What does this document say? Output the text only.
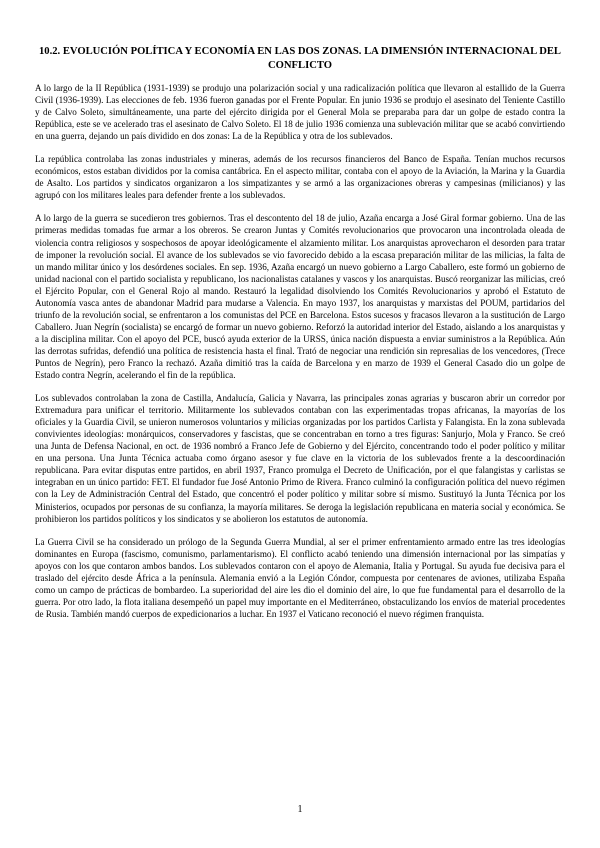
10.2. EVOLUCIÓN POLÍTICA Y ECONOMÍA EN LAS DOS ZONAS. LA DIMENSIÓN INTERNACIONAL DEL CONFLICTO

A lo largo de la II República (1931-1939) se produjo una polarización social y una radicalización política que llevaron al estallido de la Guerra Civil (1936-1939). Las elecciones de feb. 1936 fueron ganadas por el Frente Popular. En junio 1936 se produjo el asesinato del Teniente Castillo y de Calvo Soleto, simultáneamente, una parte del ejército dirigida por el General Mola se preparaba para dar un golpe de estado contra la República, este se ve acelerado tras el asesinato de Calvo Soleto. El 18 de julio 1936 comienza una sublevación militar que se acabó convirtiendo en una guerra, dejando un país dividido en dos zonas: La de la República y otra de los sublevados.

La república controlaba las zonas industriales y mineras, además de los recursos financieros del Banco de España. Tenían muchos recursos económicos, estos estaban divididos por la comisa cantábrica. En el aspecto militar, contaba con el apoyo de la Aviación, la Marina y la Guardia de Asalto. Los partidos y sindicatos organizaron a los simpatizantes y se armó a las organizaciones obreras y campesinas (milicianos) y las agrupó con los militares leales para defender frente a los sublevados.

A lo largo de la guerra se sucedieron tres gobiernos. Tras el descontento del 18 de julio, Azaña encarga a José Giral formar gobierno. Una de las primeras medidas tomadas fue armar a los obreros. Se crearon Juntas y Comités revolucionarios que provocaron una incontrolada oleada de violencia contra religiosos y sospechosos de apoyar ideológicamente el alzamiento militar. Los anarquistas aprovecharon el desorden para tratar de imponer la revolución social. El avance de los sublevados se vio favorecido debido a la escasa preparación militar de las milicias, la falta de un mando militar único y los desórdenes sociales. En sep. 1936, Azaña encargó un nuevo gobierno a Largo Caballero, este formó un gobierno de unidad nacional con el partido socialista y republicano, los nacionalistas catalanes y vascos y los anarquistas. Buscó reorganizar las milicias, creó el Ejército Popular, con el General Rojo al mando. Restauró la legalidad disolviendo los Comités Revolucionarios y aprobó el Estatuto de Autonomía vasca antes de abandonar Madrid para mudarse a Valencia. En mayo 1937, los anarquistas y marxistas del POUM, partidarios del triunfo de la revolución social, se enfrentaron a los comunistas del PCE en Barcelona. Estos sucesos y fracasos llevaron a la sustitución de Largo Caballero. Juan Negrín (socialista) se encargó de formar un nuevo gobierno. Reforzó la autoridad interior del Estado, aislando a los anarquistas y a la disciplina militar. Con el apoyo del PCE, buscó ayuda exterior de la URSS, única nación dispuesta a enviar suministros a la República. Aún las derrotas sufridas, defendió una política de resistencia hasta el final. Trató de negociar una rendición sin represalias de los vencedores, (Trece Puntos de Negrín), pero Franco la rechazó. Azaña dimitió tras la caída de Barcelona y en marzo de 1939 el General Casado dio un golpe de Estado contra Negrín, acelerando el fin de la república.

Los sublevados controlaban la zona de Castilla, Andalucía, Galicia y Navarra, las principales zonas agrarias y buscaron abrir un corredor por Extremadura para unificar el territorio. Militarmente los sublevados contaban con las experimentadas tropas africanas, la mayorías de los oficiales y la Guardia Civil, se unieron numerosos voluntarios y milicias organizadas por los partidos Carlista y Falangista. En la zona sublevada convivientes ideologías: monárquicos, conservadores y fascistas, que se concentraban en torno a tres figuras: Sanjurjo, Mola y Franco. Se creó una Junta de Defensa Nacional, en oct. de 1936 nombró a Franco Jefe de Gobierno y del Ejército, concentrando todo el poder político y militar en una persona. Una Junta Técnica actuaba como órgano asesor y fue clave en la victoria de los sublevados frente a la descoordinación republicana. Para evitar disputas entre partidos, en abril 1937, Franco promulga el Decreto de Unificación, por el que falangistas y carlistas se integraban en un único partido: FET. El fundador fue José Antonio Primo de Rivera. Franco culminó la configuración política del nuevo régimen con la Ley de Administración Central del Estado, que concentró el poder político y militar sobre sí mismo. Sustituyó la Junta Técnica por los Ministerios, ocupados por personas de su confianza, la mayoría militares. Se deroga la legislación republicana en materia social y económica. Se prohibieron los partidos políticos y los sindicatos y se abolieron los estatutos de autonomía.

La Guerra Civil se ha considerado un prólogo de la Segunda Guerra Mundial, al ser el primer enfrentamiento armado entre las tres ideologías dominantes en Europa (fascismo, comunismo, parlamentarismo). El conflicto acabó teniendo una dimensión internacional por las simpatías y apoyos con los que contaron ambos bandos. Los sublevados contaron con el apoyo de Alemania, Italia y Portugal. Su ayuda fue decisiva para el traslado del ejército desde África a la península. Alemania envió a la Legión Cóndor, compuesta por centenares de aviones, utilizaba España como un campo de prácticas de bombardeo. La superioridad del aire les dio el dominio del aire, lo que fue fundamental para el desarrollo de la guerra. Por otro lado, la flota italiana desempeñó un papel muy importante en el Mediterráneo, obstaculizando los envíos de material procedentes de Rusia. También mandó cuerpos de expedicionarios a luchar. En 1937 el Vaticano reconoció el nuevo régimen franquista.

1
